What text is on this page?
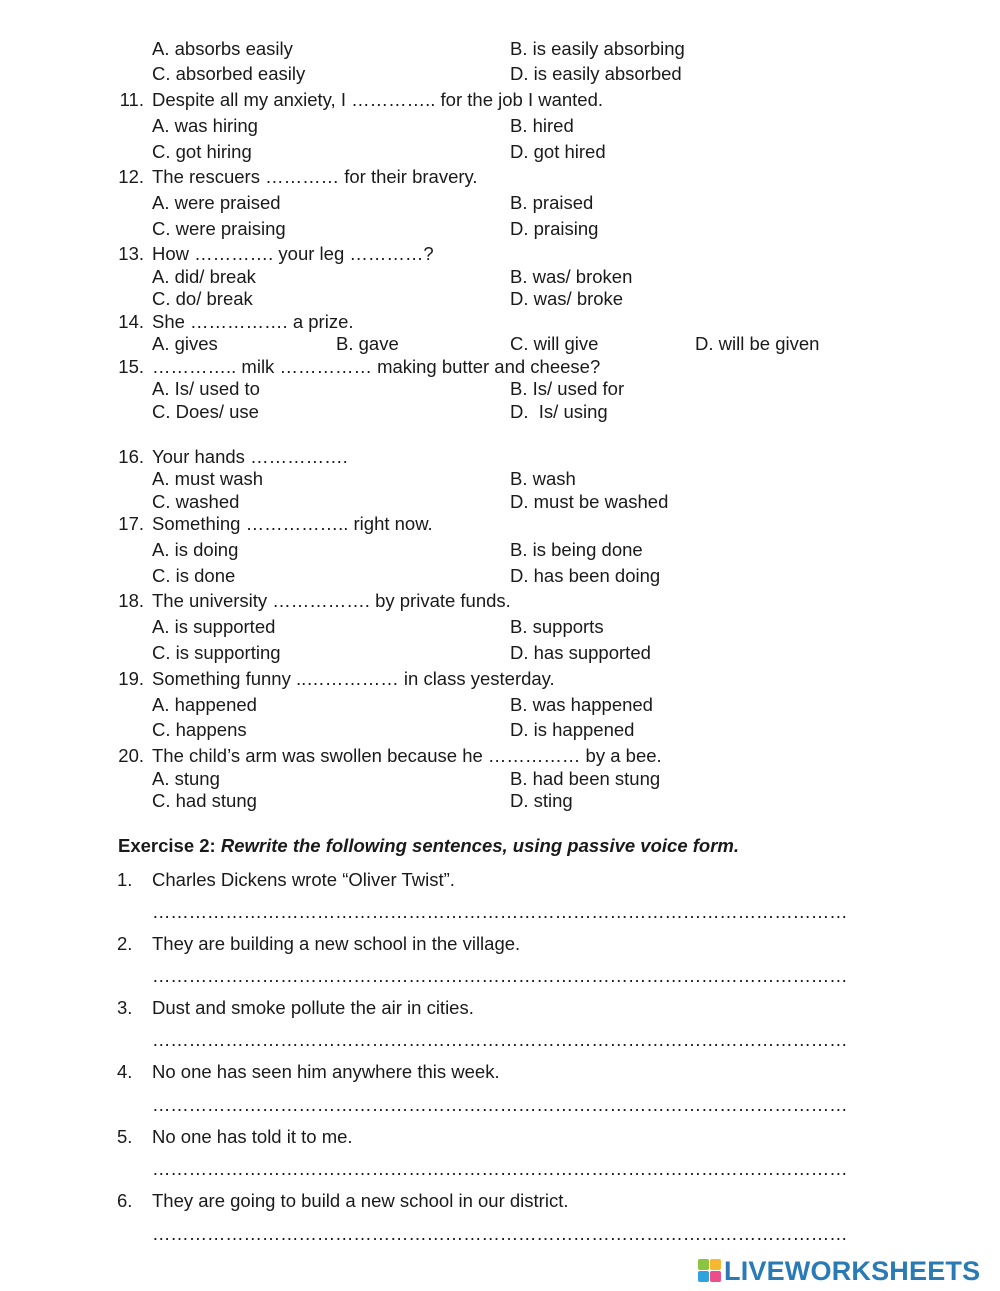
A. absorbs easily	B. is easily absorbing
C. absorbed easily	D. is easily absorbed
11. Despite all my anxiety, I ………….. for the job I wanted.
A. was hiring	B. hired
C. got hiring	D. got hired
12. The rescuers ………… for their bravery.
A. were praised	B. praised
C. were praising	D. praising
13. How …………. your leg …………?
A. did/ break	B. was/ broken
C. do/ break	D. was/ broke
14. She ……………. a prize.
A. gives	B. gave	C. will give	D. will be given
15. ………….. milk …………… making butter and cheese?
A. Is/ used to	B. Is/ used for
C. Does/ use	D.  Is/ using
16. Your hands …………….
A. must wash	B. wash
C. washed	D. must be washed
17. Something …………….. right now.
A. is doing	B. is being done
C. is done	D. has been doing
18. The university ……………. by private funds.
A. is supported	B. supports
C. is supporting	D. has supported
19. Something funny ..…………… in class yesterday.
A. happened	B. was happened
C. happens	D. is happened
20. The child’s arm was swollen because he …………… by a bee.
A. stung	B. had been stung
C. had stung	D. sting
Exercise 2: Rewrite the following sentences, using passive voice form.
1. Charles Dickens wrote “Oliver Twist”.
……………………………………………………………………………………………………
2. They are building a new school in the village.
……………………………………………………………………………………………………
3. Dust and smoke pollute the air in cities.
……………………………………………………………………………………………………
4. No one has seen him anywhere this week.
……………………………………………………………………………………………………
5. No one has told it to me.
……………………………………………………………………………………………………
6. They are going to build a new school in our district.
……………………………………………………………………………………………………
LIVEWORKSHEETS
